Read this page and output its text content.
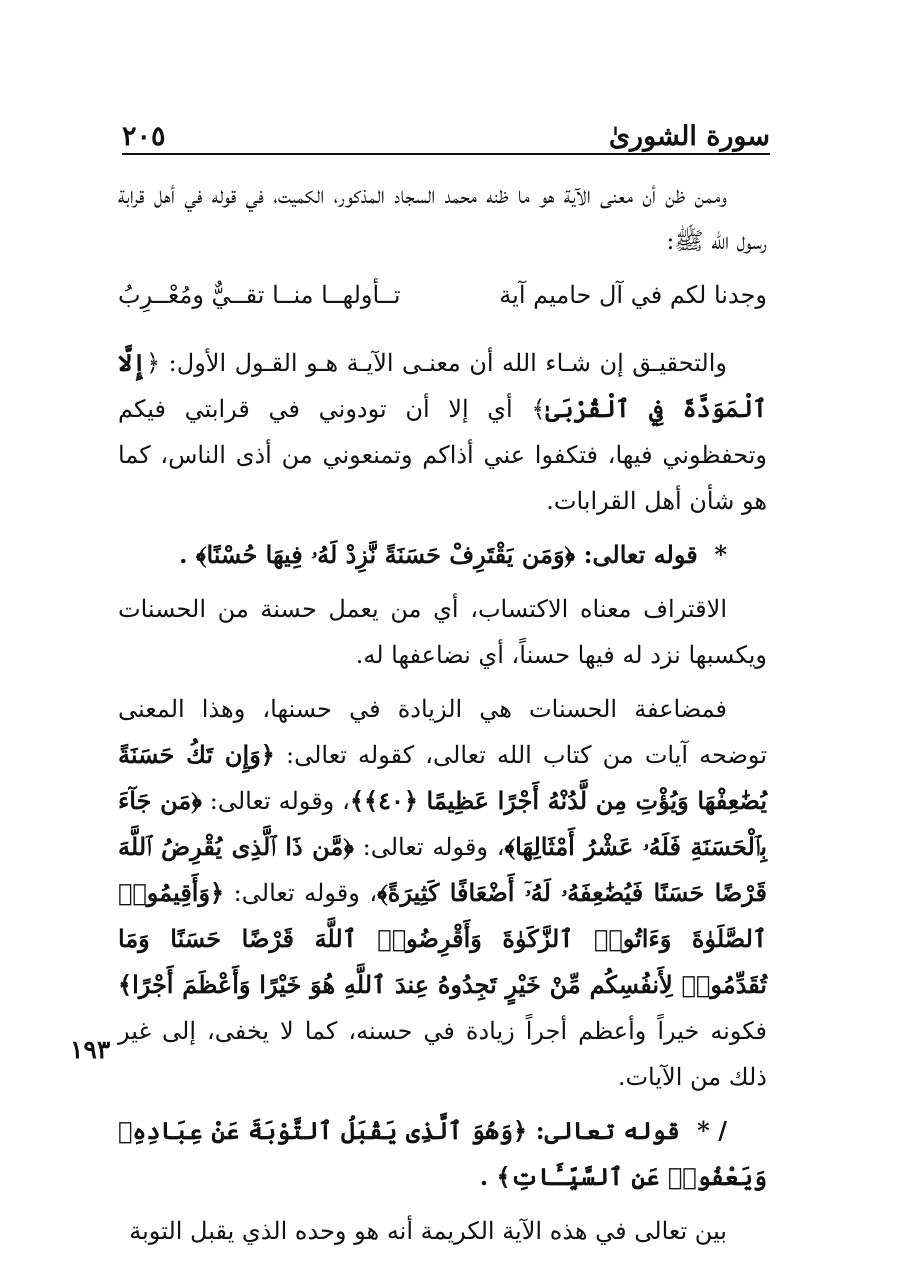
سورة الشورىٰ
٢٠٥
١٩٣

وممن ظن أن معنى الآية هو ما ظنه محمد السجاد المذكور، الكميت، في قوله في أهل قرابة رسول الله ﷺ:

وجدنا لكم في آل حاميم آية
تــأولهــا منــا تقــيٌّ ومُعْــرِبُ

والتحقيـق إن شـاء الله أن معنـى الآيـة هـو القـول الأول: ﴿إِلَّا ٱلْمَوَدَّةَ فِي ٱلْقُرْبَىٰ﴾ أي إلا أن تودوني في قرابتي فيكم وتحفظوني فيها، فتكفوا عني أذاكم وتمنعوني من أذى الناس، كما هو شأن أهل القرابات.

*  قوله تعالى: ﴿وَمَن يَقْتَرِفْ حَسَنَةً نَّزِدْ لَهُۥ فِيهَا حُسْنًا﴾ .

الاقتراف معناه الاكتساب، أي من يعمل حسنة من الحسنات ويكسبها نزد له فيها حسناً، أي نضاعفها له.

فمضاعفة الحسنات هي الزيادة في حسنها، وهذا المعنى توضحه آيات من كتاب الله تعالى، كقوله تعالى: ﴿وَإِن تَكُ حَسَنَةً يُضَٰعِفْهَا وَيُؤْتِ مِن لَّدُنْهُ أَجْرًا عَظِيمًا ﴿٤٠﴾﴾، وقوله تعالى: ﴿مَن جَآءَ بِٱلْحَسَنَةِ فَلَهُۥ عَشْرُ أَمْثَالِهَا﴾، وقوله تعالى: ﴿مَّن ذَا ٱلَّذِى يُقْرِضُ ٱللَّهَ قَرْضًا حَسَنًا فَيُضَٰعِفَهُۥ لَهُۥٓ أَضْعَافًا كَثِيرَةً﴾، وقوله تعالى: ﴿وَأَقِيمُوا۟ ٱلصَّلَوٰةَ وَءَاتُوا۟ ٱلزَّكَوٰةَ وَأَقْرِضُوا۟ ٱللَّهَ قَرْضًا حَسَنًا وَمَا تُقَدِّمُوا۟ لِأَنفُسِكُم مِّنْ خَيْرٍ تَجِدُوهُ عِندَ ٱللَّهِ هُوَ خَيْرًا وَأَعْظَمَ أَجْرًا﴾ فكونه خيراً وأعظم أجراً زيادة في حسنه، كما لا يخفى، إلى غير ذلك من الآيات.

/ *  قوله تعالى: ﴿وَهُوَ ٱلَّذِى يَقْبَلُ ٱلتَّوْبَةَ عَنْ عِبَادِهِۦ وَيَعْفُوا۟ عَنِ ٱلسَّيِّـَٔاتِ﴾ .

بين تعالى في هذه الآية الكريمة أنه هو وحده الذي يقبل التوبة
